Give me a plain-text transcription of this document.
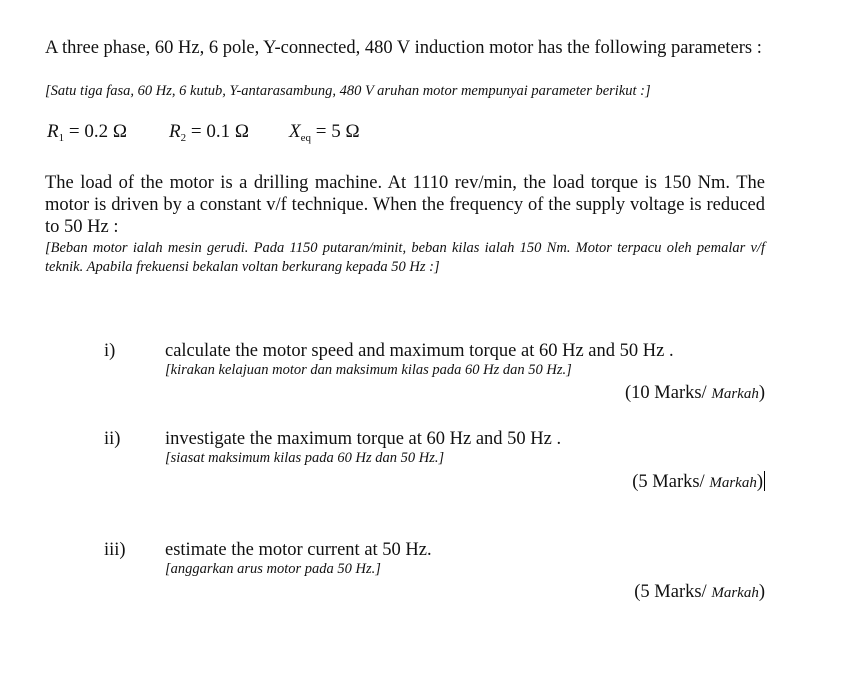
A three phase, 60 Hz, 6 pole, Y-connected, 480 V induction motor has the following parameters :
[Satu tiga fasa, 60 Hz, 6 kutub, Y-antarasambung, 480 V aruhan motor mempunyai parameter berikut :]
$R_1 = 0.2$ Ω $R_2 = 0.1$ Ω $X_{eq} = 5$ Ω
The load of the motor is a drilling machine. At 1110 rev/min, the load torque is 150 Nm. The motor is driven by a constant v/f technique. When the frequency of the supply voltage is reduced to 50 Hz :
[Beban motor ialah mesin gerudi. Pada 1150 putaran/minit, beban kilas ialah 150 Nm. Motor terpacu oleh pemalar v/f teknik. Apabila frekuensi bekalan voltan berkurang kepada 50 Hz :]
i)	calculate the motor speed and maximum torque at 60 Hz and 50 Hz .
[kirakan kelajuan motor dan maksimum kilas pada 60 Hz dan 50 Hz.]
(10 Marks/ Markah)
ii) investigate the maximum torque at 60 Hz and 50 Hz .
[siasat maksimum kilas pada 60 Hz dan 50 Hz.]
(5 Marks/ Markah)
iii) estimate the motor current at 50 Hz.
[anggarkan arus motor pada 50 Hz.]
(5 Marks/ Markah)
